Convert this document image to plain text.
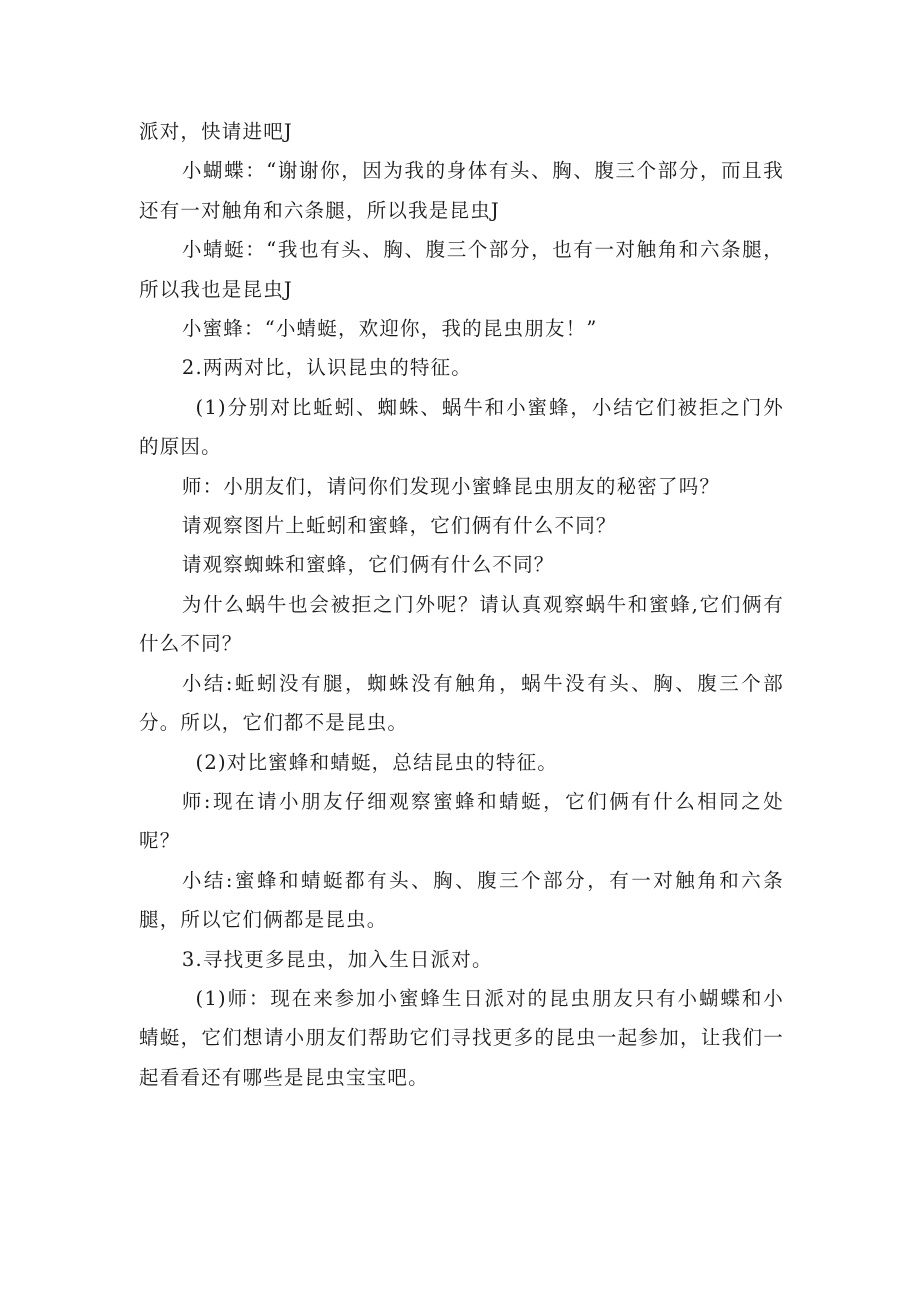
派对，快请进吧J

小蝴蝶：“谢谢你，因为我的身体有头、胸、腹三个部分，而且我还有一对触角和六条腿，所以我是昆虫J

小蜻蜓：“我也有头、胸、腹三个部分，也有一对触角和六条腿，所以我也是昆虫J

小蜜蜂：“小蜻蜓，欢迎你，我的昆虫朋友！”

2.两两对比，认识昆虫的特征。

(1)分别对比蚯蚓、蜘蛛、蜗牛和小蜜蜂，小结它们被拒之门外的原因。

师：小朋友们，请问你们发现小蜜蜂昆虫朋友的秘密了吗？

请观察图片上蚯蚓和蜜蜂，它们俩有什么不同？

请观察蜘蛛和蜜蜂，它们俩有什么不同？

为什么蜗牛也会被拒之门外呢？请认真观察蜗牛和蜜蜂,它们俩有什么不同？

小结:蚯蚓没有腿，蜘蛛没有触角，蜗牛没有头、胸、腹三个部分。所以，它们都不是昆虫。

(2)对比蜜蜂和蜻蜓，总结昆虫的特征。

师:现在请小朋友仔细观察蜜蜂和蜻蜓，它们俩有什么相同之处呢？

小结:蜜蜂和蜻蜓都有头、胸、腹三个部分，有一对触角和六条腿，所以它们俩都是昆虫。

3.寻找更多昆虫，加入生日派对。

(1)师：现在来参加小蜜蜂生日派对的昆虫朋友只有小蝴蝶和小蜻蜓，它们想请小朋友们帮助它们寻找更多的昆虫一起参加，让我们一起看看还有哪些是昆虫宝宝吧。
